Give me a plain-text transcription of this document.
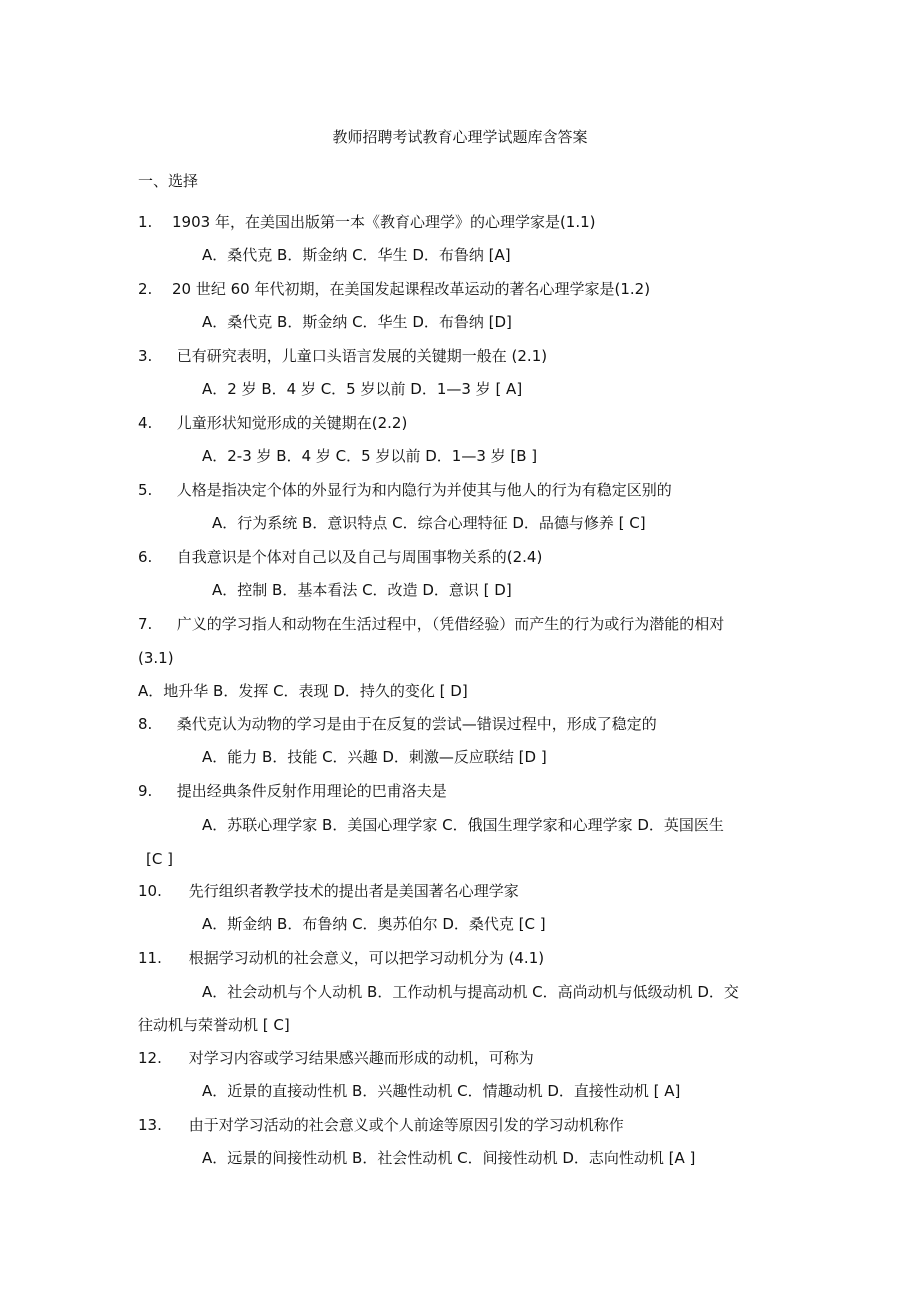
教师招聘考试教育心理学试题库含答案
一、选择
1. 1903 年，在美国出版第一本《教育心理学》的心理学家是(1.1)
A．桑代克 B．斯金纳 C．华生 D．布鲁纳 [A]
2. 20 世纪 60 年代初期，在美国发起课程改革运动的著名心理学家是(1.2)
A．桑代克 B．斯金纳 C．华生 D．布鲁纳 [D]
3. 已有研究表明，儿童口头语言发展的关键期一般在 (2.1)
A．2 岁 B．4 岁 C．5 岁以前 D．1—3 岁 [ A]
4. 儿童形状知觉形成的关键期在(2.2)
A．2-3 岁 B．4 岁 C．5 岁以前 D．1—3 岁 [B ]
5. 人格是指决定个体的外显行为和内隐行为并使其与他人的行为有稳定区别的
A．行为系统 B．意识特点 C．综合心理特征 D．品德与修养 [ C]
6. 自我意识是个体对自己以及自己与周围事物关系的(2.4)
A．控制 B．基本看法 C．改造 D．意识 [ D]
7. 广义的学习指人和动物在生活过程中，（凭借经验）而产生的行为或行为潜能的相对
(3.1)
A．地升华 B．发挥 C．表现 D．持久的变化 [ D]
8. 桑代克认为动物的学习是由于在反复的尝试—错误过程中，形成了稳定的
A．能力 B．技能 C．兴趣 D．刺激—反应联结 [D ]
9. 提出经典条件反射作用理论的巴甫洛夫是
A．苏联心理学家 B．美国心理学家 C．俄国生理学家和心理学家 D．英国医生
[C ]
10. 先行组织者教学技术的提出者是美国著名心理学家
A．斯金纳 B．布鲁纳 C．奥苏伯尔 D．桑代克 [C ]
11. 根据学习动机的社会意义，可以把学习动机分为 (4.1)
A．社会动机与个人动机 B．工作动机与提高动机 C．高尚动机与低级动机 D．交
往动机与荣誉动机 [ C]
12. 对学习内容或学习结果感兴趣而形成的动机，可称为
A．近景的直接动性机 B．兴趣性动机 C．情趣动机 D．直接性动机 [ A]
13. 由于对学习活动的社会意义或个人前途等原因引发的学习动机称作
A．远景的间接性动机 B．社会性动机 C．间接性动机 D．志向性动机 [A ]
